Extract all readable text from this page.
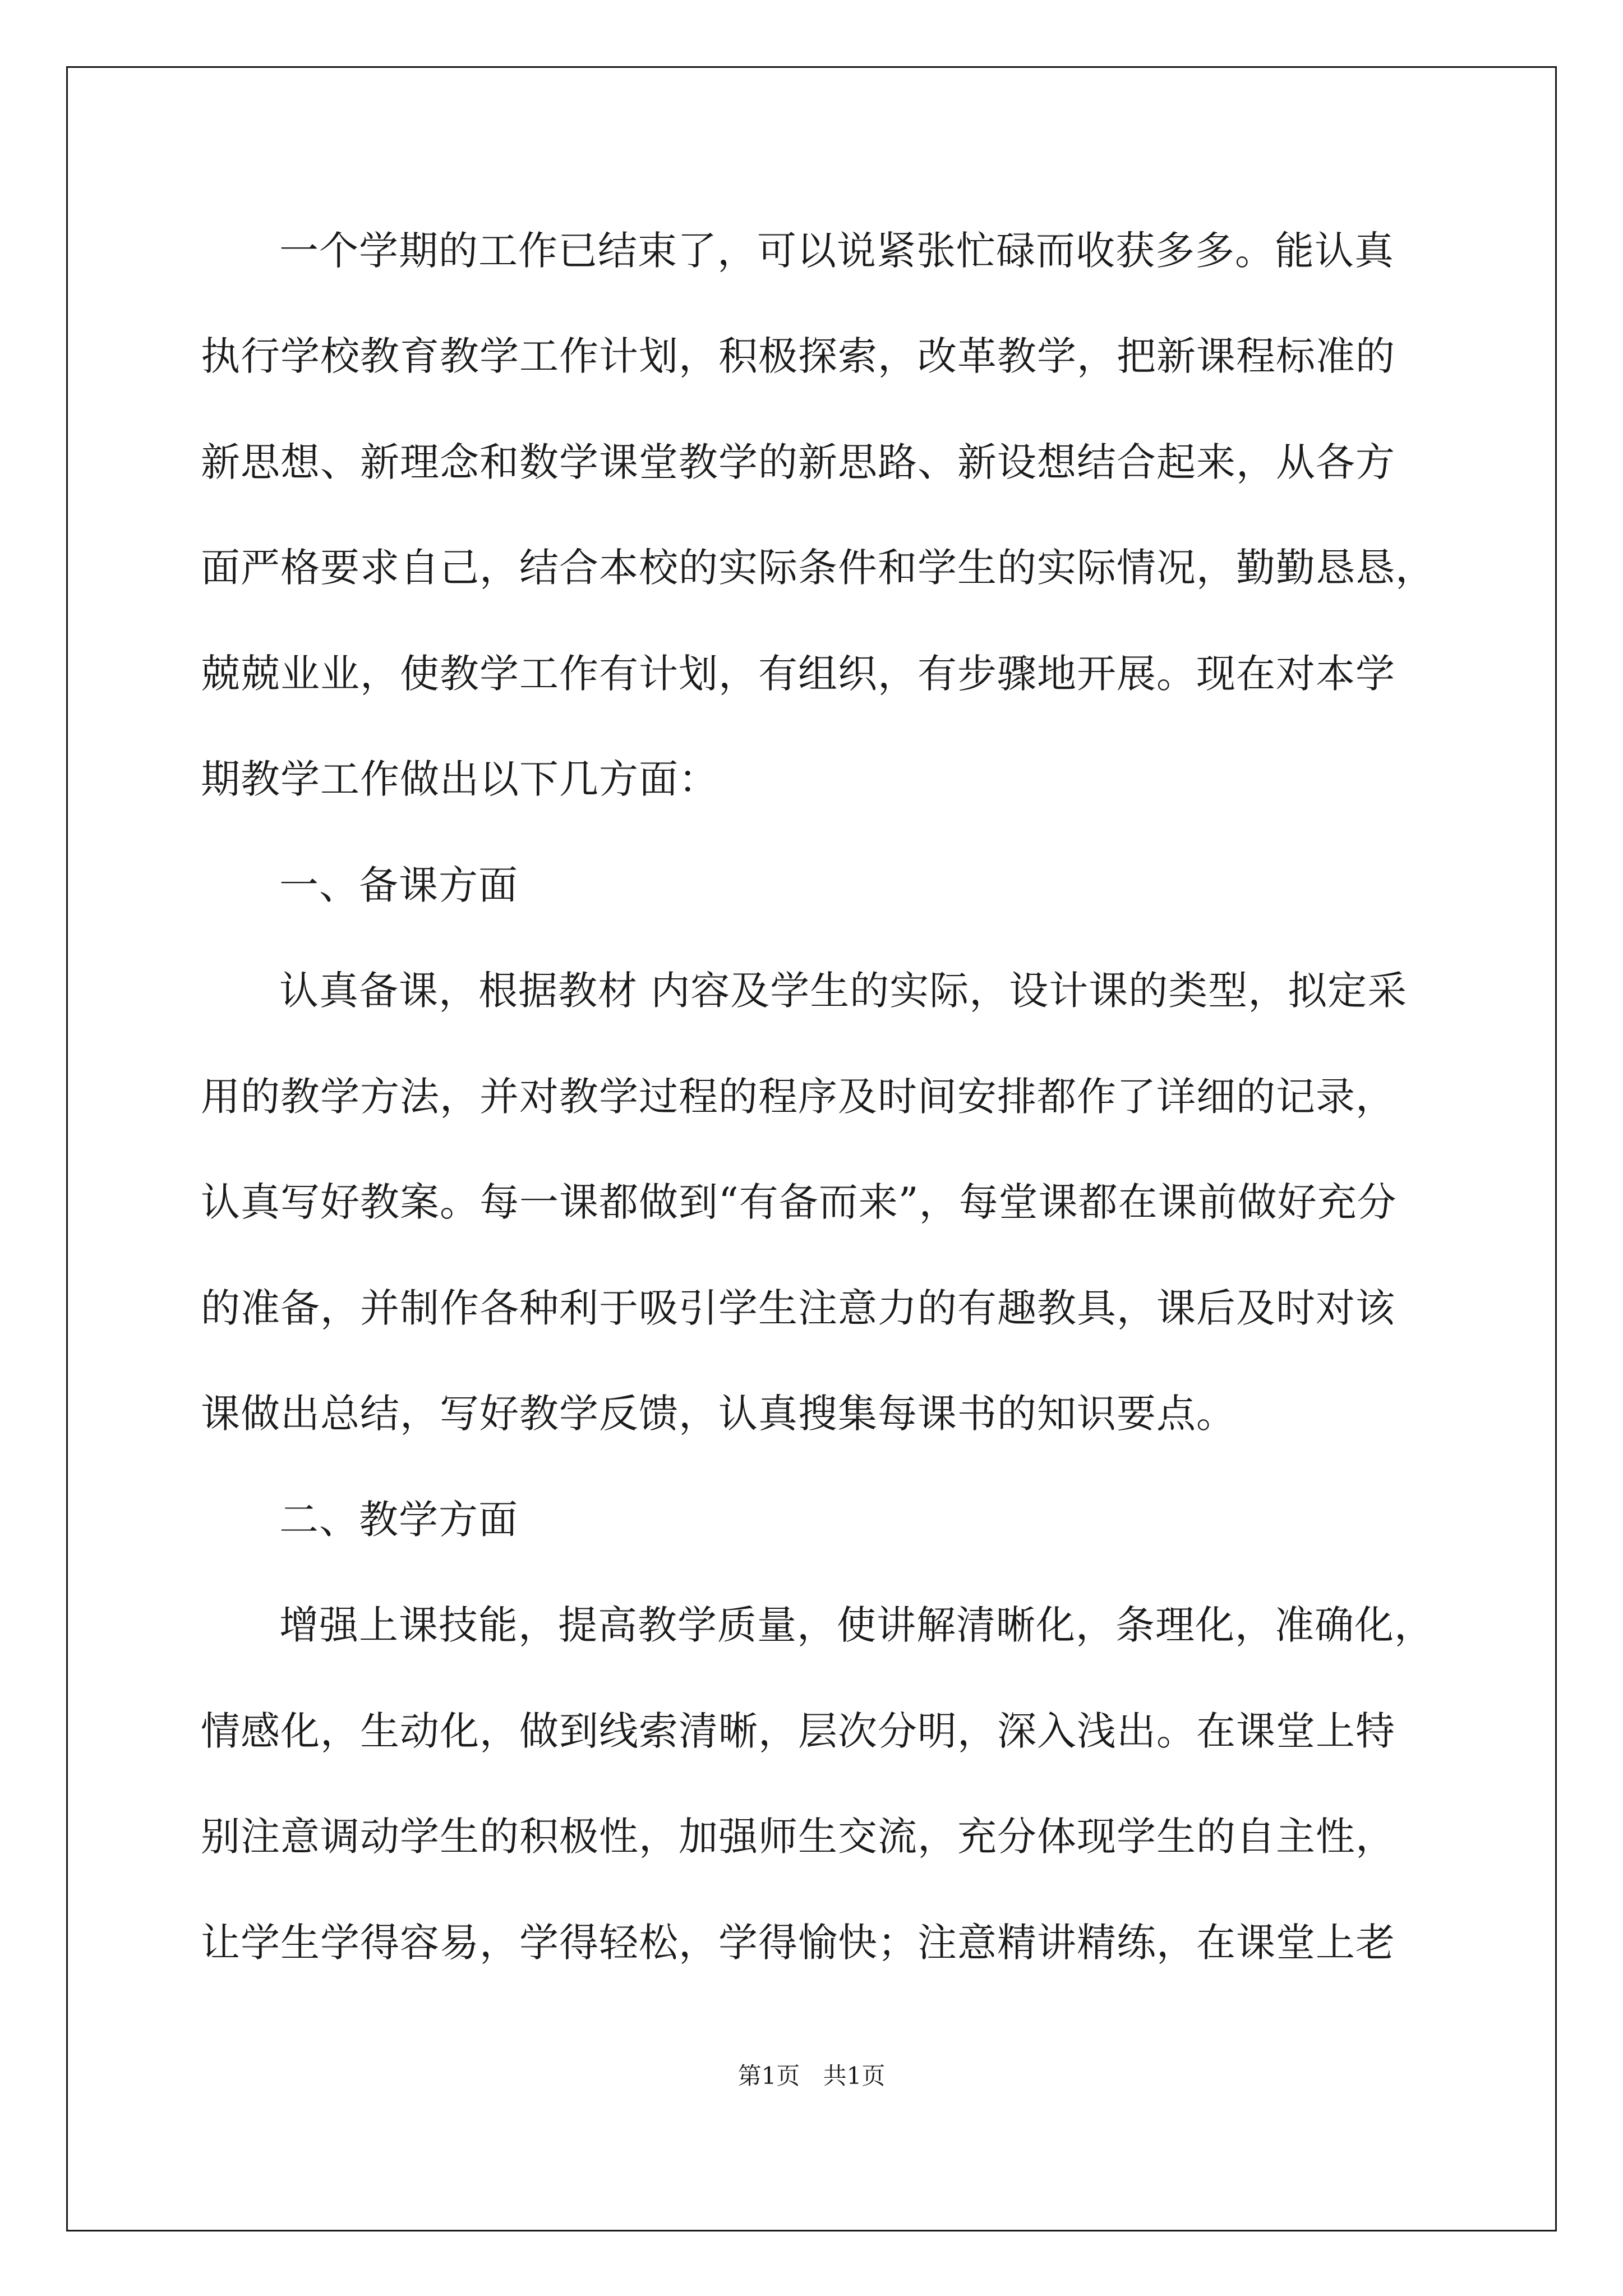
一个学期的工作已结束了，可以说紧张忙碌而收获多多。能认真
执行学校教育教学工作计划，积极探索，改革教学，把新课程标准的
新思想、新理念和数学课堂教学的新思路、新设想结合起来，从各方
面严格要求自己，结合本校的实际条件和学生的实际情况，勤勤恳恳，
兢兢业业，使教学工作有计划，有组织，有步骤地开展。现在对本学
期教学工作做出以下几方面：
一、备课方面
认真备课，根据教材 内容及学生的实际，设计课的类型，拟定采
用的教学方法，并对教学过程的程序及时间安排都作了详细的记录，
认真写好教案。每一课都做到“有备而来”，每堂课都在课前做好充分
的准备，并制作各种利于吸引学生注意力的有趣教具，课后及时对该
课做出总结，写好教学反馈，认真搜集每课书的知识要点。
二、教学方面
增强上课技能，提高教学质量，使讲解清晰化，条理化，准确化，
情感化，生动化，做到线索清晰，层次分明，深入浅出。在课堂上特
别注意调动学生的积极性，加强师生交流，充分体现学生的自主性，
让学生学得容易，学得轻松，学得愉快；注意精讲精练，在课堂上老
第1页 共1页
